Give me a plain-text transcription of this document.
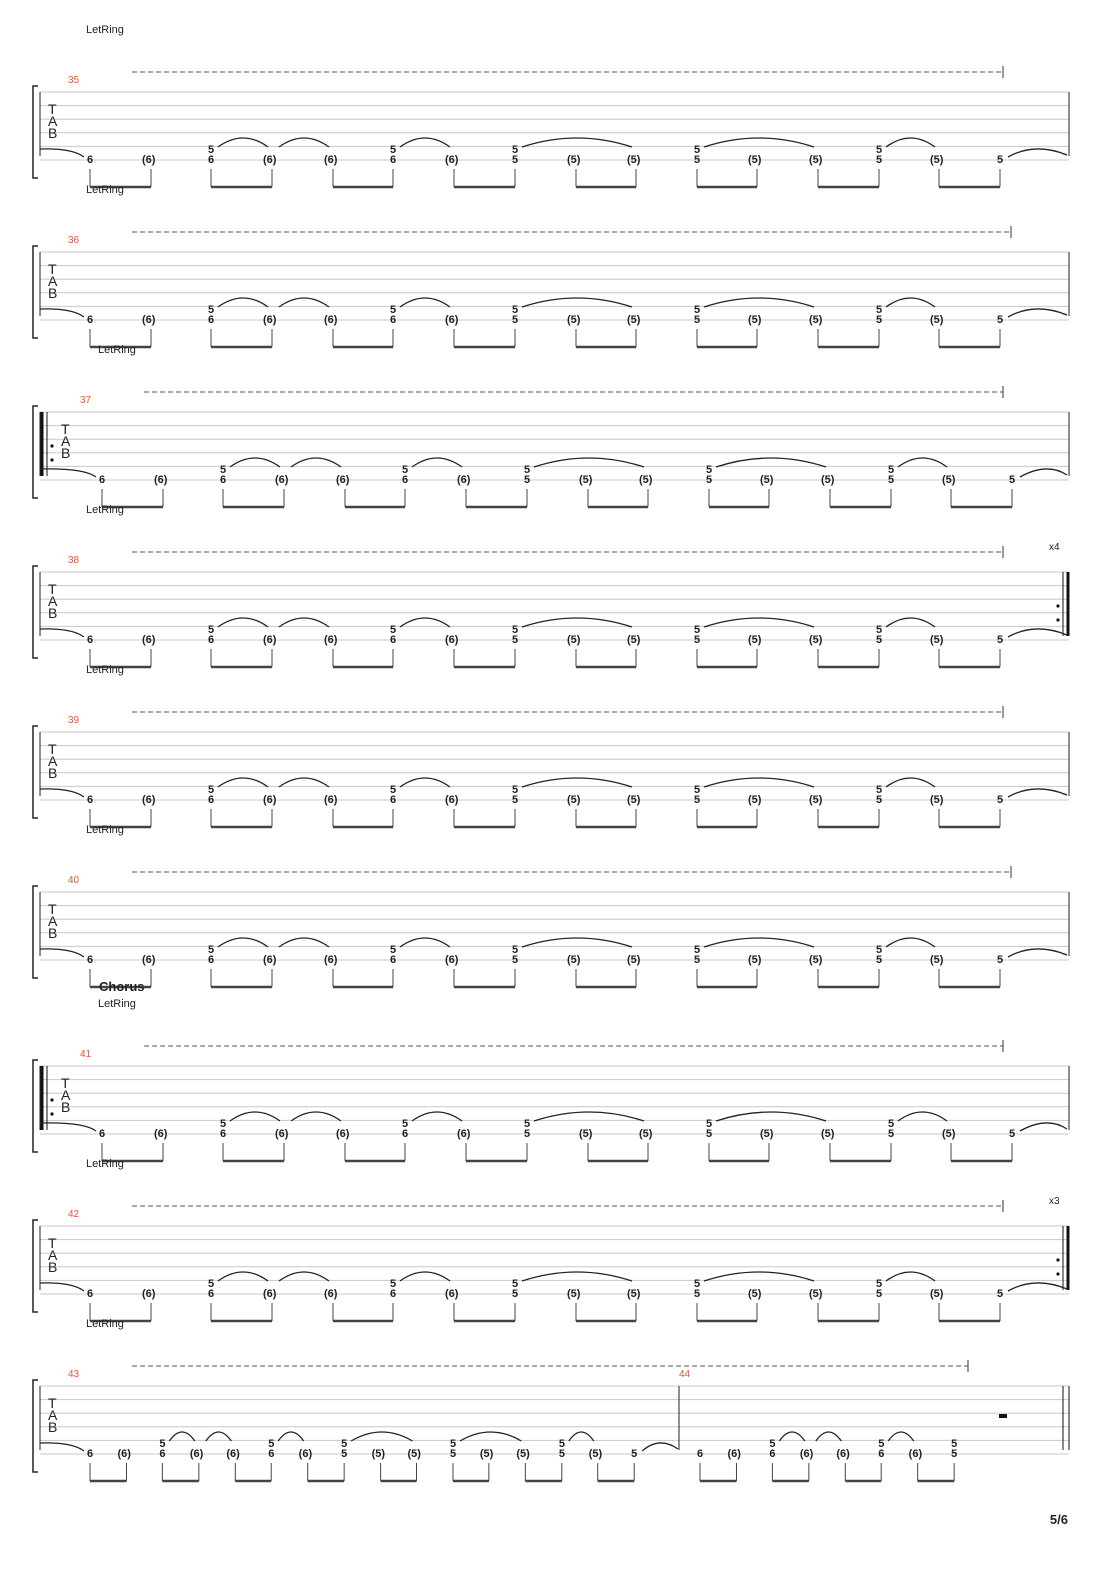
LetRing
35
T
A
B
6	(6)
5
6	(6)	(6)
5
6	(6)
5
5	(5)	(5)
5
5	(5)	(5)
5
5	(5)	5
LetRing
36
T
A
B
6	(6)
5
6	(6)	(6)
5
6	(6)
5
5	(5)	(5)
5
5	(5)	(5)
5
5	(5)	5
LetRing
37
T
A
B
6	(6)
5
6	(6)	(6)
5
6	(6)
5
5	(5)	(5)
5
5	(5)	(5)
5
5	(5)	5
LetRing
38
T
A
B
x4
6	(6)
5
6	(6)	(6)
5
6	(6)
5
5	(5)	(5)
5
5	(5)	(5)
5
5	(5)	5
LetRing
39
T
A
B
6	(6)
5
6	(6)	(6)
5
6	(6)
5
5	(5)	(5)
5
5	(5)	(5)
5
5	(5)	5
LetRing
40
T
A
B
6	(6)
5
6	(6)	(6)
5
6	(6)
5
5	(5)	(5)
5
5	(5)	(5)
5
5	(5)	5
Chorus
LetRing
41
T
A
B
6	(6)
5
6	(6)	(6)
5
6	(6)
5
5	(5)	(5)
5
5	(5)	(5)
5
5	(5)	5
LetRing
42
T
A
B
x3
6	(6)
5
6	(6)	(6)
5
6	(6)
5
5	(5)	(5)
5
5	(5)	(5)
5
5	(5)	5
LetRing
43
T
A
B
6 (6)
5
6 (6) (6)
5
6 (6)
5
5 (5) (5)
5
5 (5) (5)
5
5 (5)	5
44
6 (6)
5
6 (6) (6)
5
6 (6)
5
5
5/6
